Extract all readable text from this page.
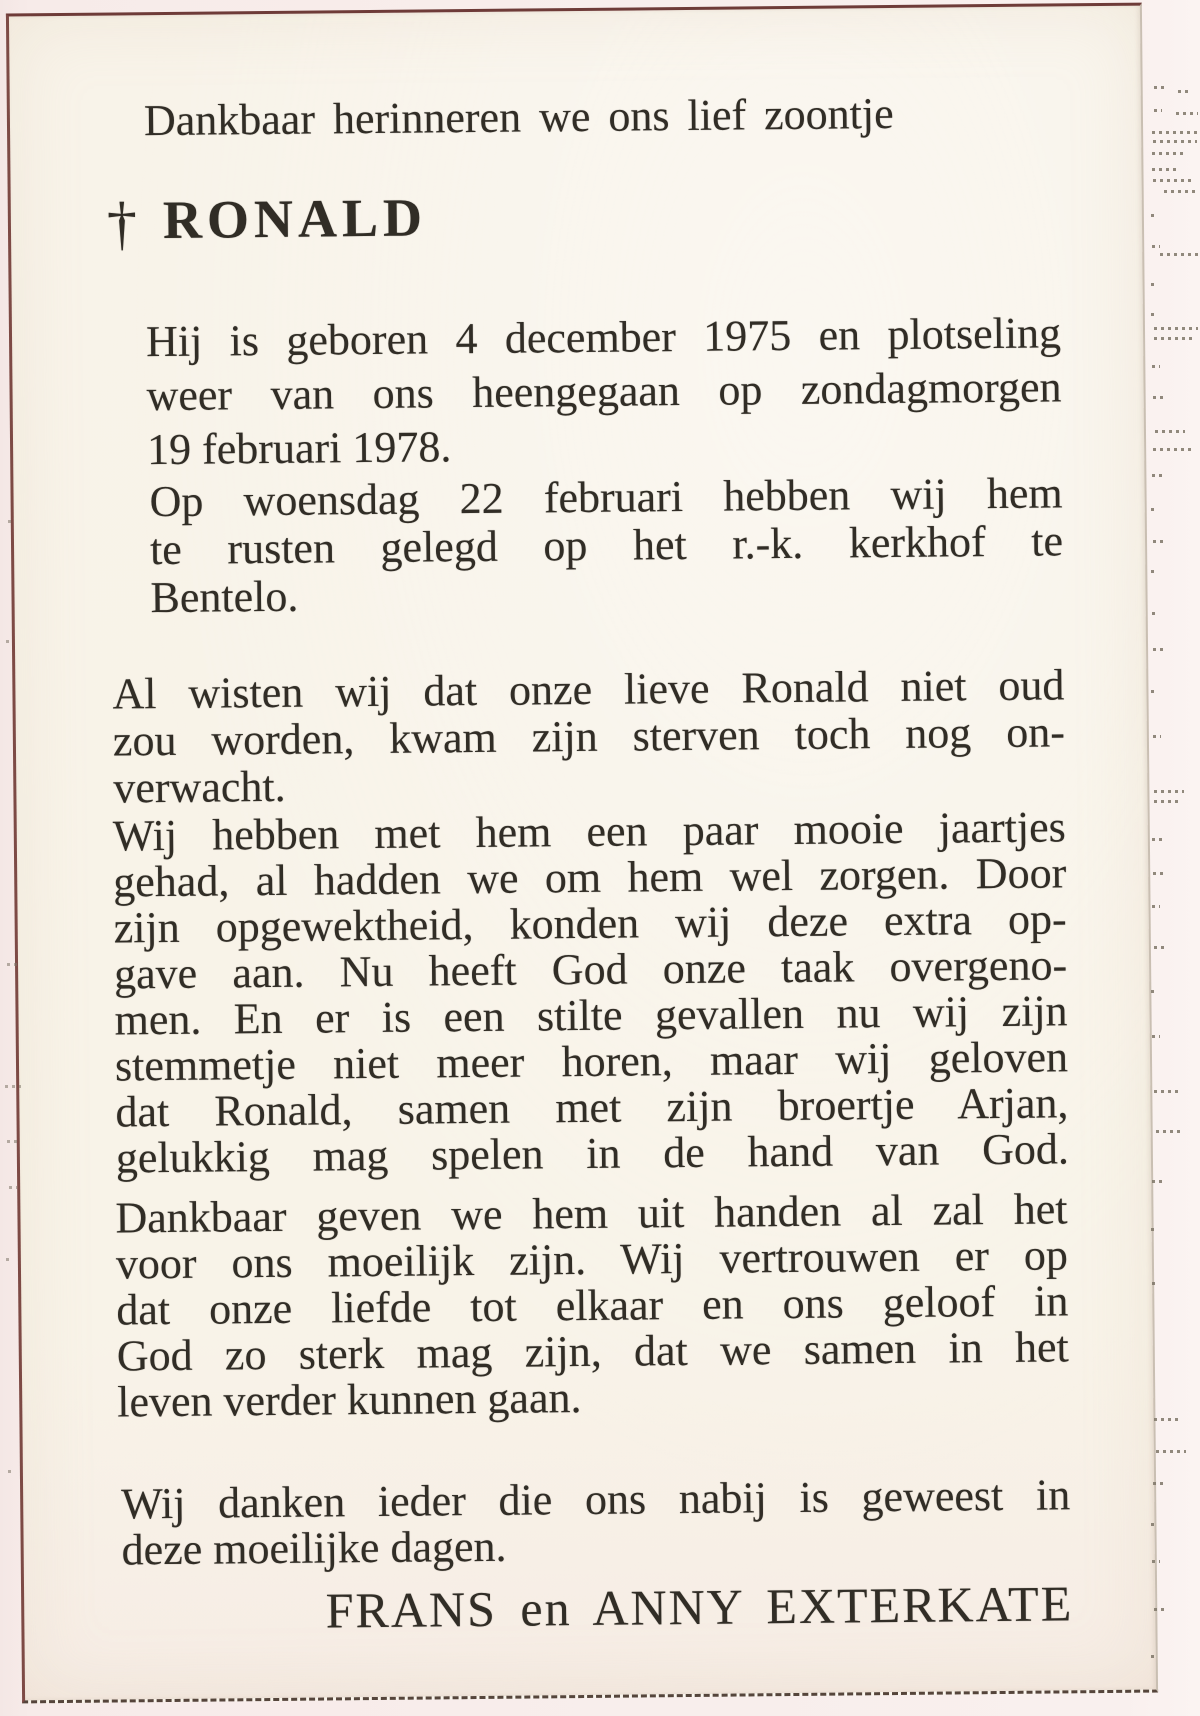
Dankbaar herinneren we ons lief zoontje
† RONALD
Hij is geboren 4 december 1975 en plotseling
weer van ons heengegaan op zondagmorgen
19 februari 1978.
Op woensdag 22 februari hebben wij hem
te rusten gelegd op het r.-k. kerkhof te
Bentelo.
Al wisten wij dat onze lieve Ronald niet oud
zou worden, kwam zijn sterven toch nog on-
verwacht.
Wij hebben met hem een paar mooie jaartjes
gehad, al hadden we om hem wel zorgen. Door
zijn opgewektheid, konden wij deze extra op-
gave aan. Nu heeft God onze taak overgeno-
men. En er is een stilte gevallen nu wij zijn
stemmetje niet meer horen, maar wij geloven
dat Ronald, samen met zijn broertje Arjan,
gelukkig mag spelen in de hand van God.
Dankbaar geven we hem uit handen al zal het
voor ons moeilijk zijn. Wij vertrouwen er op
dat onze liefde tot elkaar en ons geloof in
God zo sterk mag zijn, dat we samen in het
leven verder kunnen gaan.
Wij danken ieder die ons nabij is geweest in
deze moeilijke dagen.
FRANS en ANNY EXTERKATE
